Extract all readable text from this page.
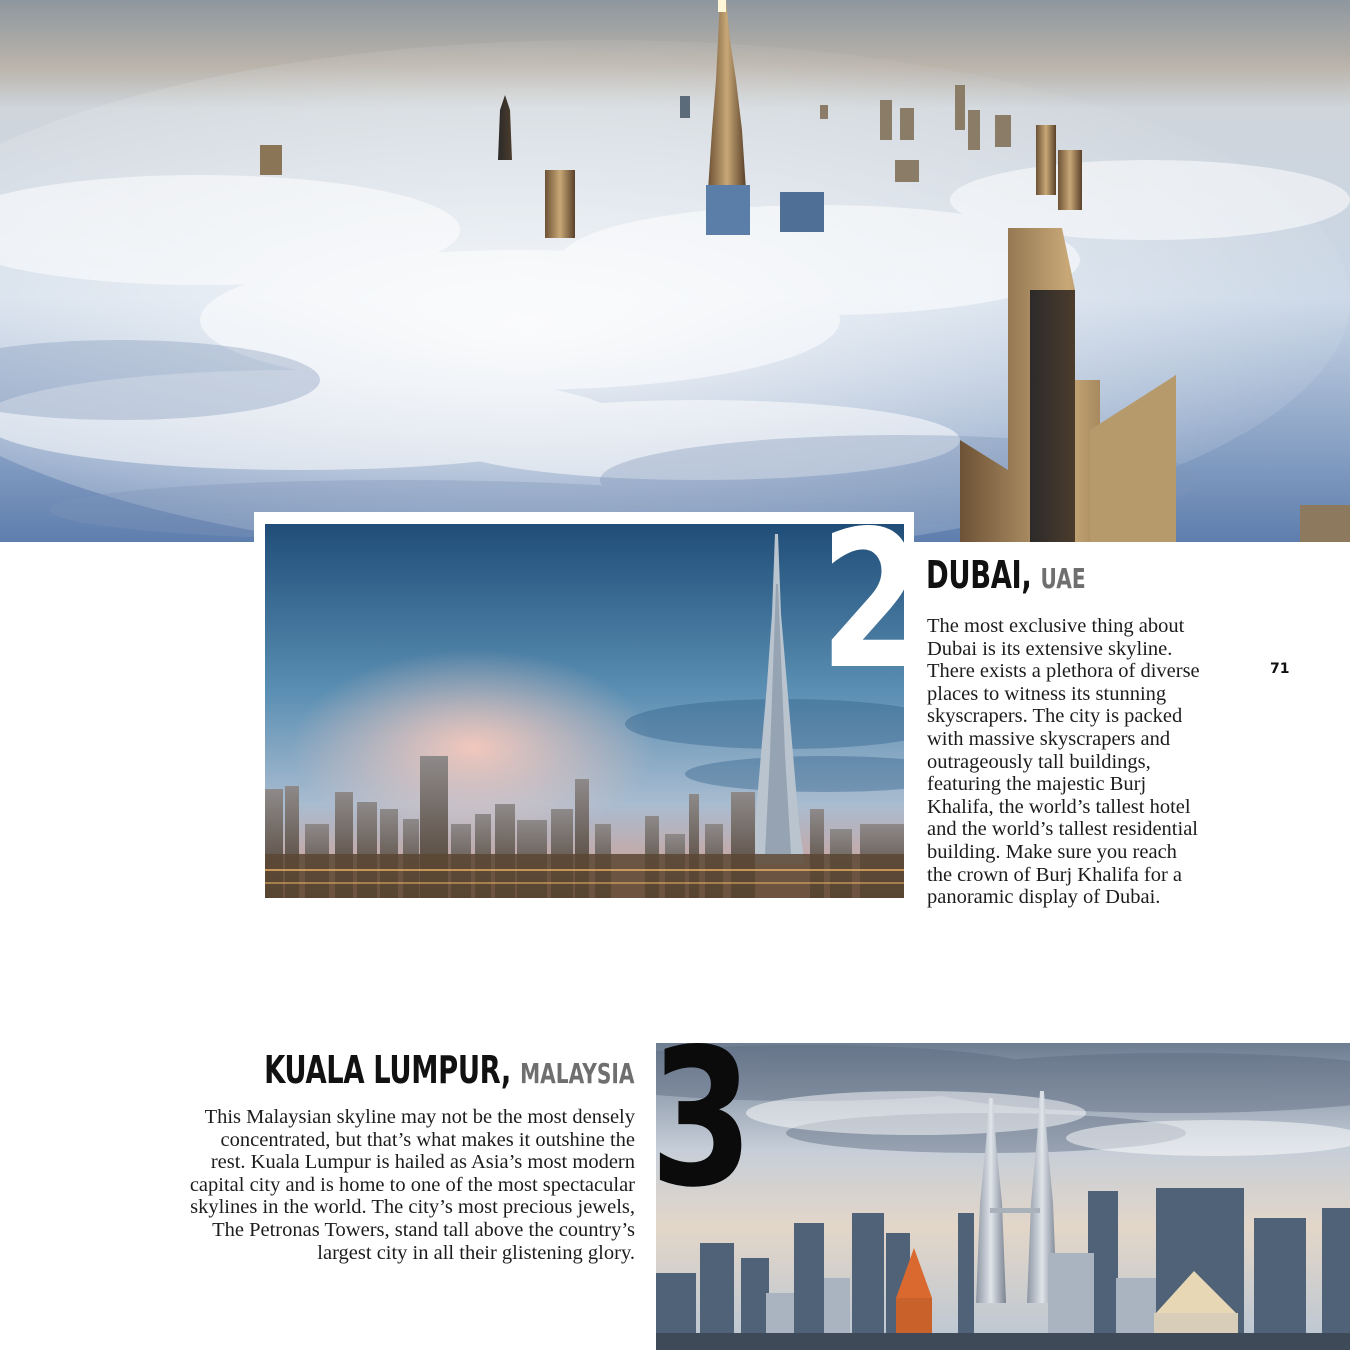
2 DUBAI, UAE
The most exclusive thing about
Dubai is its extensive skyline.
There exists a plethora of diverse
places to witness its stunning
skyscrapers. The city is packed
with massive skyscrapers and
outrageously tall buildings,
featuring the majestic Burj
Khalifa, the world’s tallest hotel
and the world’s tallest residential
building. Make sure you reach
the crown of Burj Khalifa for a
panoramic display of Dubai.
71
KUALA LUMPUR, MALAYSIA
This Malaysian skyline may not be the most densely
concentrated, but that’s what makes it outshine the
rest. Kuala Lumpur is hailed as Asia’s most modern
capital city and is home to one of the most spectacular
skylines in the world. The city’s most precious jewels,
The Petronas Towers, stand tall above the country’s
largest city in all their glistening glory.
3
